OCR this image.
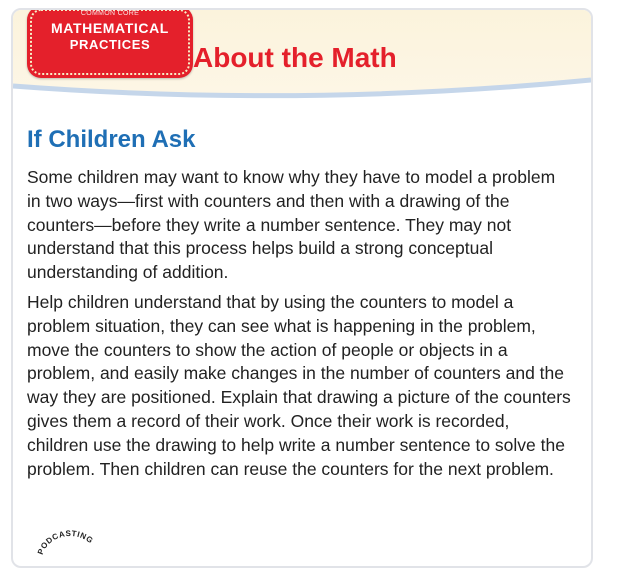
COMMON CORE
MATHEMATICAL
PRACTICES	About the Math
If Children Ask

Some children may want to know why they have to model a problem in two ways—first with counters and then with a drawing of the counters—before they write a number sentence. They may not understand that this process helps build a strong conceptual understanding of addition.

Help children understand that by using the counters to model a problem situation, they can see what is happening in the problem, move the counters to show the action of people or objects in a problem, and easily make changes in the number of counters and the way they are positioned. Explain that drawing a picture of the counters gives them a record of their work. Once their work is recorded, children use the drawing to help write a number sentence to solve the problem. Then children can reuse the counters for the next problem.

PODCASTING
